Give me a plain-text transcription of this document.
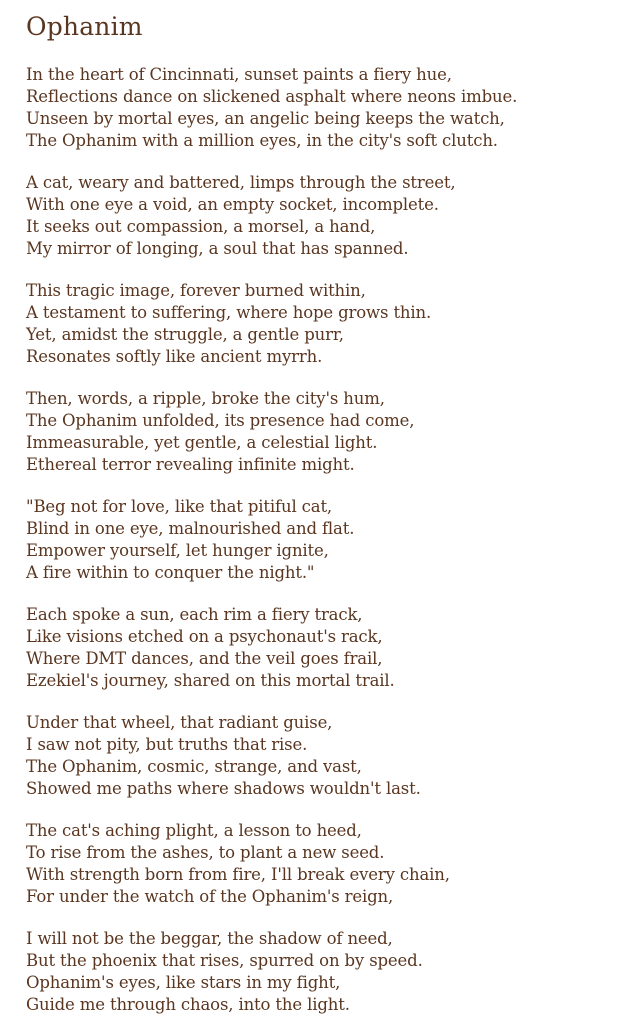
Ophanim
In the heart of Cincinnati, sunset paints a fiery hue,
Reflections dance on slickened asphalt where neons imbue.
Unseen by mortal eyes, an angelic being keeps the watch,
The Ophanim with a million eyes, in the city's soft clutch.
A cat, weary and battered, limps through the street,
With one eye a void, an empty socket, incomplete.
It seeks out compassion, a morsel, a hand,
My mirror of longing, a soul that has spanned.
This tragic image, forever burned within,
A testament to suffering, where hope grows thin.
Yet, amidst the struggle, a gentle purr,
Resonates softly like ancient myrrh.
Then, words, a ripple, broke the city's hum,
The Ophanim unfolded, its presence had come,
Immeasurable, yet gentle, a celestial light.
Ethereal terror revealing infinite might.
"Beg not for love, like that pitiful cat,
Blind in one eye, malnourished and flat.
Empower yourself, let hunger ignite,
A fire within to conquer the night."
Each spoke a sun, each rim a fiery track,
Like visions etched on a psychonaut's rack,
Where DMT dances, and the veil goes frail,
Ezekiel's journey, shared on this mortal trail.
Under that wheel, that radiant guise,
I saw not pity, but truths that rise.
The Ophanim, cosmic, strange, and vast,
Showed me paths where shadows wouldn't last.
The cat's aching plight, a lesson to heed,
To rise from the ashes, to plant a new seed.
With strength born from fire, I'll break every chain,
For under the watch of the Ophanim's reign,
I will not be the beggar, the shadow of need,
But the phoenix that rises, spurred on by speed.
Ophanim's eyes, like stars in my fight,
Guide me through chaos, into the light.
